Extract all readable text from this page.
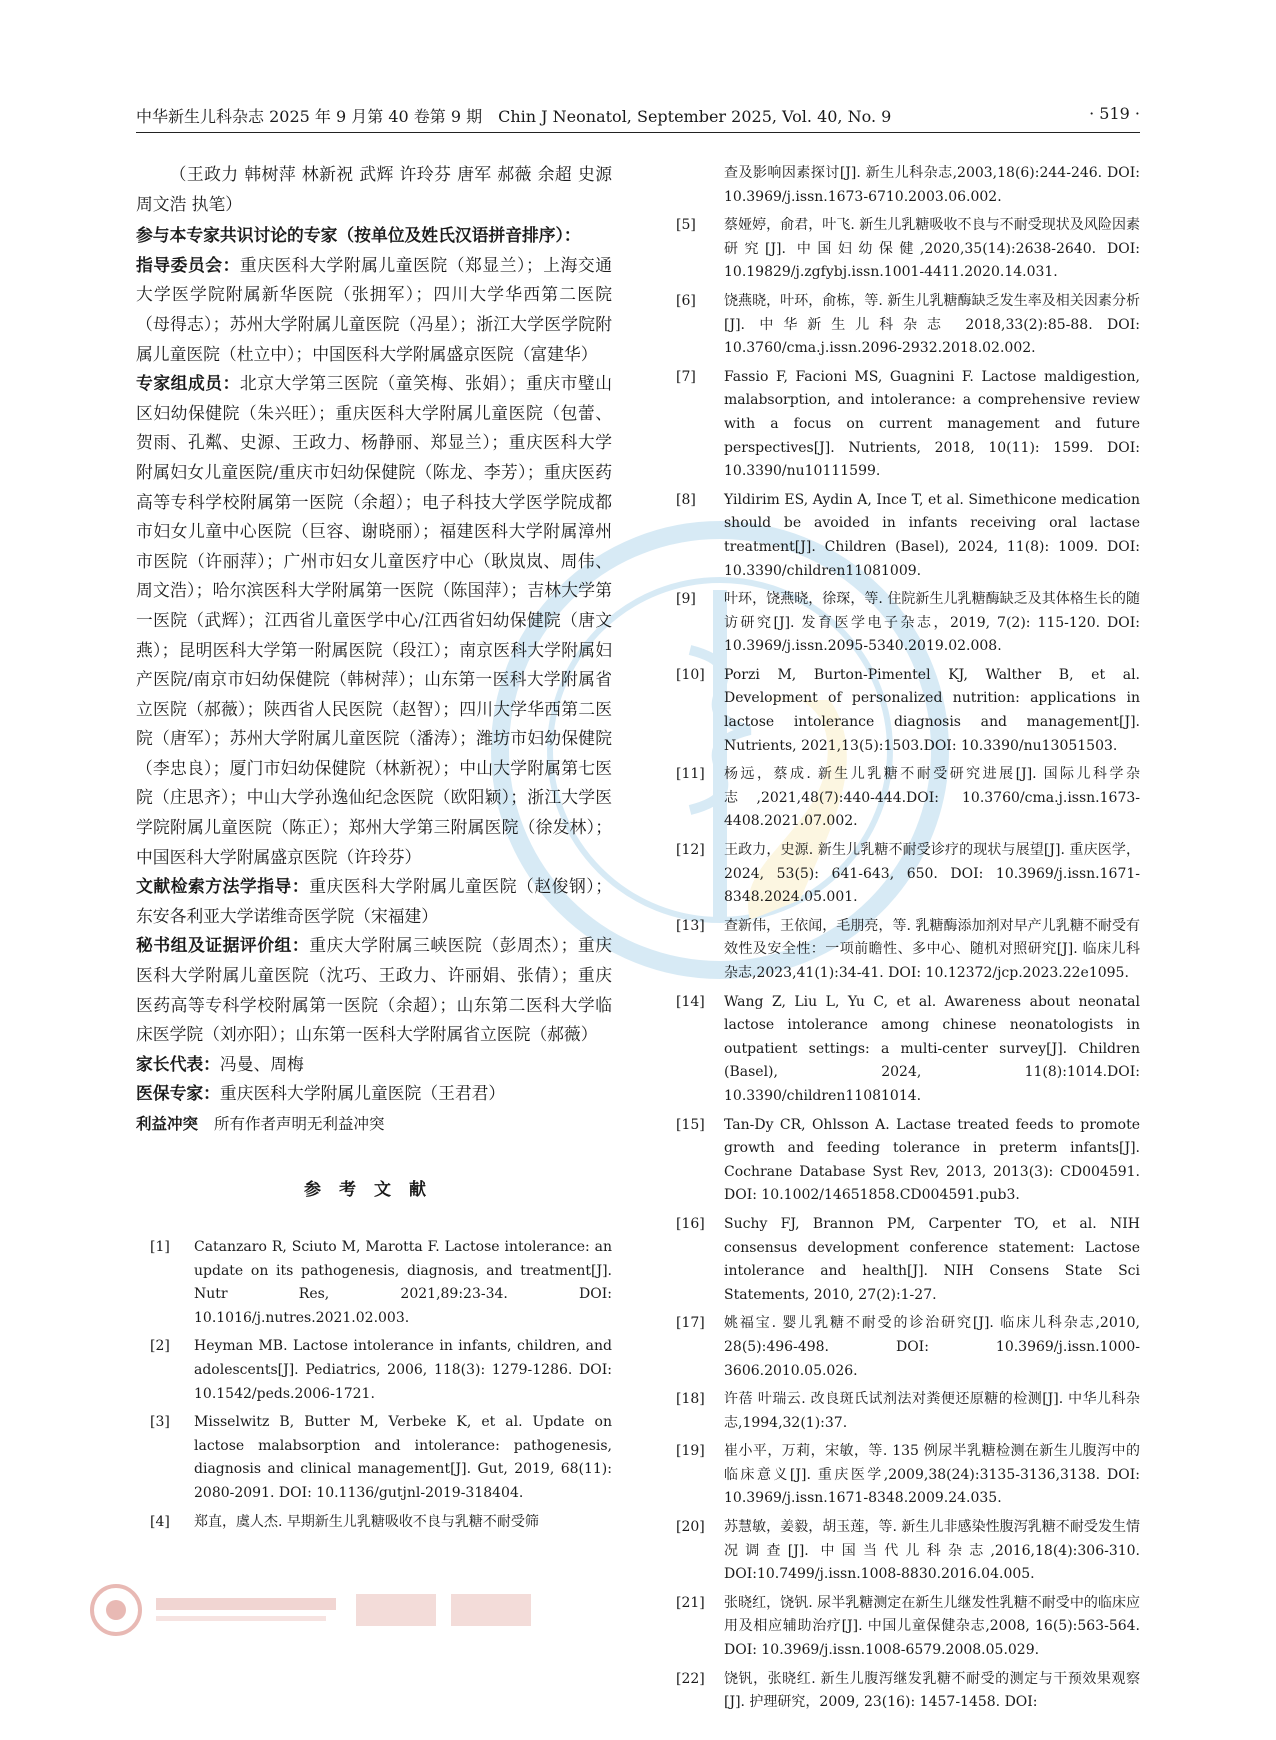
中华新生儿科杂志 2025 年 9 月第 40 卷第 9 期　Chin J Neonatol, September 2025, Vol. 40, No. 9	· 519 ·

（王政力 韩树萍 林新祝 武辉 许玲芬 唐军 郝薇 余超 史源 周文浩 执笔）

参与本专家共识讨论的专家（按单位及姓氏汉语拼音排序）：

指导委员会：重庆医科大学附属儿童医院（郑显兰）；上海交通大学医学院附属新华医院（张拥军）；四川大学华西第二医院（母得志）；苏州大学附属儿童医院（冯星）；浙江大学医学院附属儿童医院（杜立中）；中国医科大学附属盛京医院（富建华）

专家组成员：北京大学第三医院（童笑梅、张娟）；重庆市璧山区妇幼保健院（朱兴旺）；重庆医科大学附属儿童医院（包蕾、贺雨、孔粼、史源、王政力、杨静丽、郑显兰）；重庆医科大学附属妇女儿童医院/重庆市妇幼保健院（陈龙、李芳）；重庆医药高等专科学校附属第一医院（余超）；电子科技大学医学院成都市妇女儿童中心医院（巨容、谢晓丽）；福建医科大学附属漳州市医院（许丽萍）；广州市妇女儿童医疗中心（耿岚岚、周伟、周文浩）；哈尔滨医科大学附属第一医院（陈国萍）；吉林大学第一医院（武辉）；江西省儿童医学中心/江西省妇幼保健院（唐文燕）；昆明医科大学第一附属医院（段江）；南京医科大学附属妇产医院/南京市妇幼保健院（韩树萍）；山东第一医科大学附属省立医院（郝薇）；陕西省人民医院（赵智）；四川大学华西第二医院（唐军）；苏州大学附属儿童医院（潘涛）；潍坊市妇幼保健院（李忠良）；厦门市妇幼保健院（林新祝）；中山大学附属第七医院（庄思齐）；中山大学孙逸仙纪念医院（欧阳颖）；浙江大学医学院附属儿童医院（陈正）；郑州大学第三附属医院（徐发林）；中国医科大学附属盛京医院（许玲芬）

文献检索方法学指导：重庆医科大学附属儿童医院（赵俊钢）；东安各利亚大学诺维奇医学院（宋福建）

秘书组及证据评价组：重庆大学附属三峡医院（彭周杰）；重庆医科大学附属儿童医院（沈巧、王政力、许丽娟、张倩）；重庆医药高等专科学校附属第一医院（余超）；山东第二医科大学临床医学院（刘亦阳）；山东第一医科大学附属省立医院（郝薇）

家长代表：冯曼、周梅

医保专家：重庆医科大学附属儿童医院（王君君）

利益冲突 所有作者声明无利益冲突
参考文献
[1]	Catanzaro R, Sciuto M, Marotta F. Lactose intolerance: an update on its pathogenesis, diagnosis, and treatment[J]. Nutr Res, 2021,89:23-34. DOI: 10.1016/j.nutres.2021.02.003.
[2]	Heyman MB. Lactose intolerance in infants, children, and adolescents[J]. Pediatrics, 2006, 118(3): 1279-1286. DOI: 10.1542/peds.2006-1721.
[3]	Misselwitz B, Butter M, Verbeke K, et al. Update on lactose malabsorption and intolerance: pathogenesis, diagnosis and clinical management[J]. Gut, 2019, 68(11): 2080-2091. DOI: 10.1136/gutjnl-2019-318404.
[4]	郑直，虞人杰. 早期新生儿乳糖吸收不良与乳糖不耐受筛
查及影响因素探讨[J]. 新生儿科杂志,2003,18(6):244-246. DOI: 10.3969/j.issn.1673-6710.2003.06.002.
[5]	蔡娅婷，俞君，叶飞. 新生儿乳糖吸收不良与不耐受现状及风险因素研究[J]. 中国妇幼保健,2020,35(14):2638-2640. DOI: 10.19829/j.zgfybj.issn.1001-4411.2020.14.031.
[6]	饶燕晓，叶环，俞栋，等. 新生儿乳糖酶缺乏发生率及相关因素分析[J]. 中华新生儿科杂志 2018,33(2):85-88. DOI: 10.3760/cma.j.issn.2096-2932.2018.02.002.
[7]	Fassio F, Facioni MS, Guagnini F. Lactose maldigestion, malabsorption, and intolerance: a comprehensive review with a focus on current management and future perspectives[J]. Nutrients, 2018, 10(11): 1599. DOI: 10.3390/nu10111599.
[8]	Yildirim ES, Aydin A, Ince T, et al. Simethicone medication should be avoided in infants receiving oral lactase treatment[J]. Children (Basel), 2024, 11(8): 1009. DOI: 10.3390/children11081009.
[9]	叶环，饶燕晓，徐琛，等. 住院新生儿乳糖酶缺乏及其体格生长的随访研究[J]. 发育医学电子杂志，2019, 7(2): 115-120. DOI: 10.3969/j.issn.2095-5340.2019.02.008.
[10]	Porzi M, Burton-Pimentel KJ, Walther B, et al. Development of personalized nutrition: applications in lactose intolerance diagnosis and management[J]. Nutrients, 2021,13(5):1503.DOI: 10.3390/nu13051503.
[11]	杨远，蔡成. 新生儿乳糖不耐受研究进展[J]. 国际儿科学杂志,2021,48(7):440-444.DOI: 10.3760/cma.j.issn.1673-4408.2021.07.002.
[12]	王政力，史源. 新生儿乳糖不耐受诊疗的现状与展望[J]. 重庆医学，2024, 53(5): 641-643, 650. DOI: 10.3969/j.issn.1671-8348.2024.05.001.
[13]	查新伟，王依闻，毛朋亮，等. 乳糖酶添加剂对早产儿乳糖不耐受有效性及安全性：一项前瞻性、多中心、随机对照研究[J]. 临床儿科杂志,2023,41(1):34-41. DOI: 10.12372/jcp.2023.22e1095.
[14]	Wang Z, Liu L, Yu C, et al. Awareness about neonatal lactose intolerance among chinese neonatologists in outpatient settings: a multi-center survey[J]. Children (Basel), 2024, 11(8):1014.DOI: 10.3390/children11081014.
[15]	Tan-Dy CR, Ohlsson A. Lactase treated feeds to promote growth and feeding tolerance in preterm infants[J]. Cochrane Database Syst Rev, 2013, 2013(3): CD004591. DOI: 10.1002/14651858.CD004591.pub3.
[16]	Suchy FJ, Brannon PM, Carpenter TO, et al. NIH consensus development conference statement: Lactose intolerance and health[J]. NIH Consens State Sci Statements, 2010, 27(2):1-27.
[17]	姚福宝. 婴儿乳糖不耐受的诊治研究[J]. 临床儿科杂志,2010, 28(5):496-498. DOI: 10.3969/j.issn.1000-3606.2010.05.026.
[18]	许蓓 叶瑞云. 改良斑氏试剂法对粪便还原糖的检测[J]. 中华儿科杂志,1994,32(1):37.
[19]	崔小平，万莉，宋敏，等. 135 例尿半乳糖检测在新生儿腹泻中的临床意义[J]. 重庆医学,2009,38(24):3135-3136,3138. DOI: 10.3969/j.issn.1671-8348.2009.24.035.
[20]	苏慧敏，姜毅，胡玉莲，等. 新生儿非感染性腹泻乳糖不耐受发生情况调查[J]. 中国当代儿科杂志,2016,18(4):306-310. DOI:10.7499/j.issn.1008-8830.2016.04.005.
[21]	张晓红，饶钒. 尿半乳糖测定在新生儿继发性乳糖不耐受中的临床应用及相应辅助治疗[J]. 中国儿童保健杂志,2008, 16(5):563-564. DOI: 10.3969/j.issn.1008-6579.2008.05.029.
[22]	饶钒，张晓红. 新生儿腹泻继发乳糖不耐受的测定与干预效果观察[J]. 护理研究，2009, 23(16): 1457-1458. DOI:
